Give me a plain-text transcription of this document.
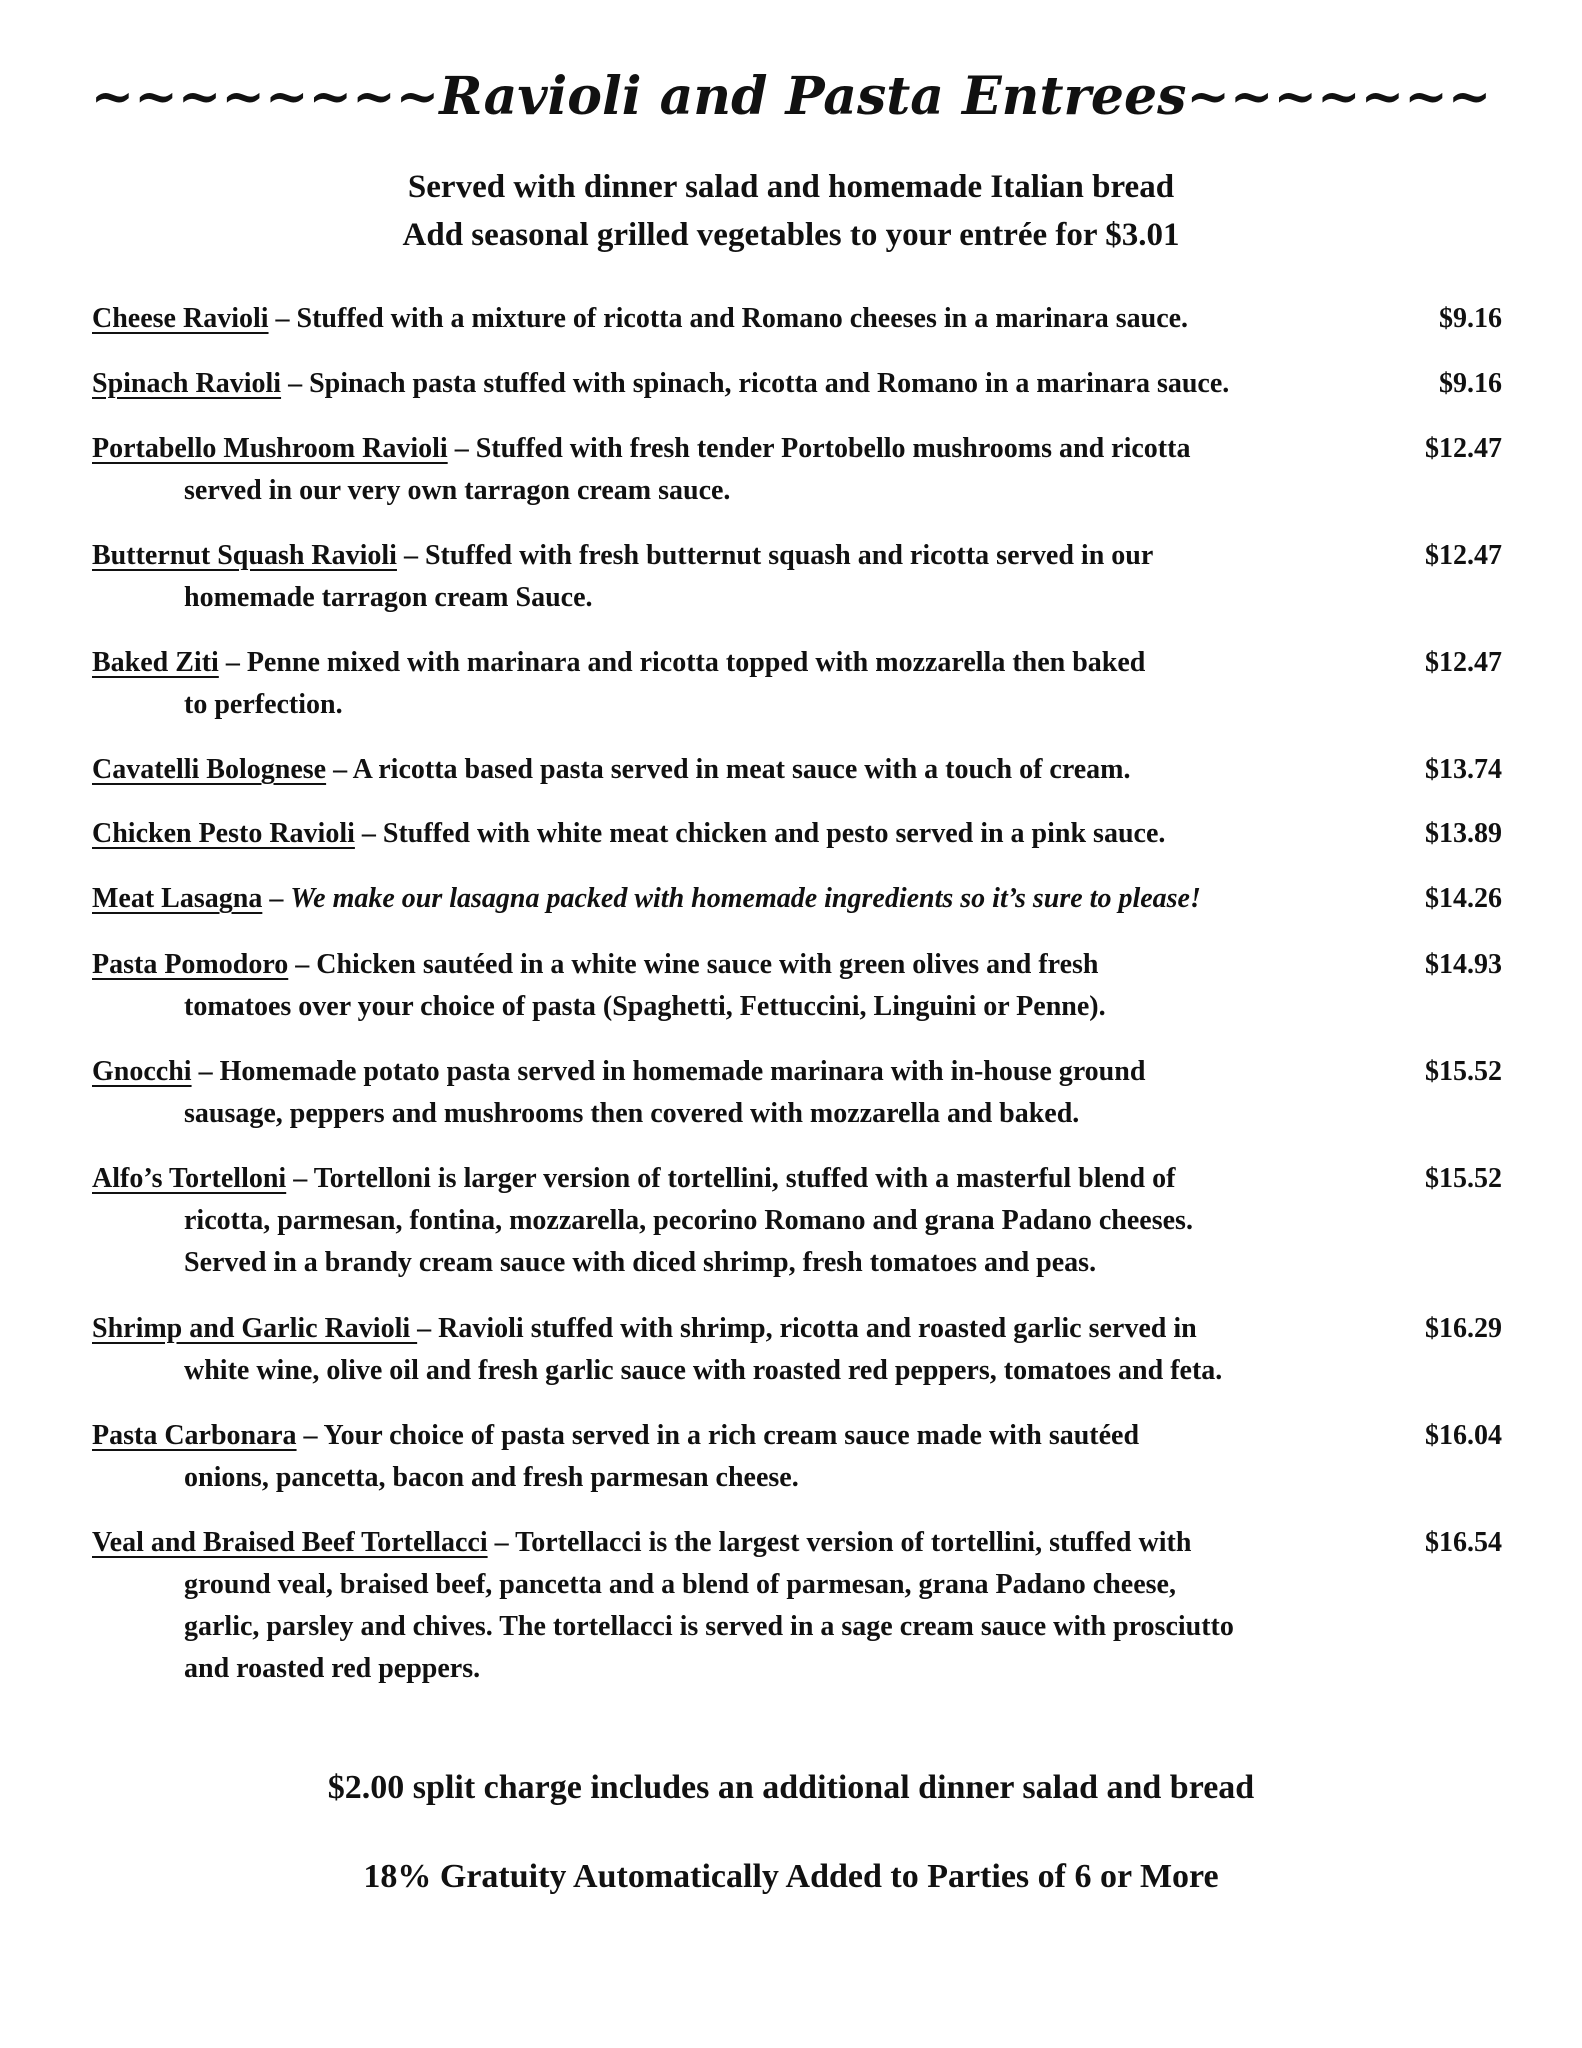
~~~~~~~~Ravioli and Pasta Entrees~~~~~~~
Served with dinner salad and homemade Italian bread
Add seasonal grilled vegetables to your entrée for $3.01
Cheese Ravioli – Stuffed with a mixture of ricotta and Romano cheeses in a marinara sauce.	$9.16
Spinach Ravioli – Spinach pasta stuffed with spinach, ricotta and Romano in a marinara sauce.	$9.16
Portabello Mushroom Ravioli – Stuffed with fresh tender Portobello mushrooms and ricotta	$12.47
served in our very own tarragon cream sauce.
Butternut Squash Ravioli – Stuffed with fresh butternut squash and ricotta served in our	$12.47
homemade tarragon cream Sauce.
Baked Ziti – Penne mixed with marinara and ricotta topped with mozzarella then baked	$12.47
to perfection.
Cavatelli Bolognese – A ricotta based pasta served in meat sauce with a touch of cream.	$13.74
Chicken Pesto Ravioli – Stuffed with white meat chicken and pesto served in a pink sauce.	$13.89
Meat Lasagna – We make our lasagna packed with homemade ingredients so it’s sure to please!	$14.26
Pasta Pomodoro – Chicken sautéed in a white wine sauce with green olives and fresh	$14.93
tomatoes over your choice of pasta (Spaghetti, Fettuccini, Linguini or Penne).
Gnocchi – Homemade potato pasta served in homemade marinara with in-house ground	$15.52
sausage, peppers and mushrooms then covered with mozzarella and baked.
Alfo’s Tortelloni – Tortelloni is larger version of tortellini, stuffed with a masterful blend of	$15.52
ricotta, parmesan, fontina, mozzarella, pecorino Romano and grana Padano cheeses.
Served in a brandy cream sauce with diced shrimp, fresh tomatoes and peas.
Shrimp and Garlic Ravioli – Ravioli stuffed with shrimp, ricotta and roasted garlic served in	$16.29
white wine, olive oil and fresh garlic sauce with roasted red peppers, tomatoes and feta.
Pasta Carbonara – Your choice of pasta served in a rich cream sauce made with sautéed	$16.04
onions, pancetta, bacon and fresh parmesan cheese.
Veal and Braised Beef Tortellacci – Tortellacci is the largest version of tortellini, stuffed with	$16.54
ground veal, braised beef, pancetta and a blend of parmesan, grana Padano cheese,
garlic, parsley and chives. The tortellacci is served in a sage cream sauce with prosciutto
and roasted red peppers.
$2.00 split charge includes an additional dinner salad and bread
18% Gratuity Automatically Added to Parties of 6 or More
